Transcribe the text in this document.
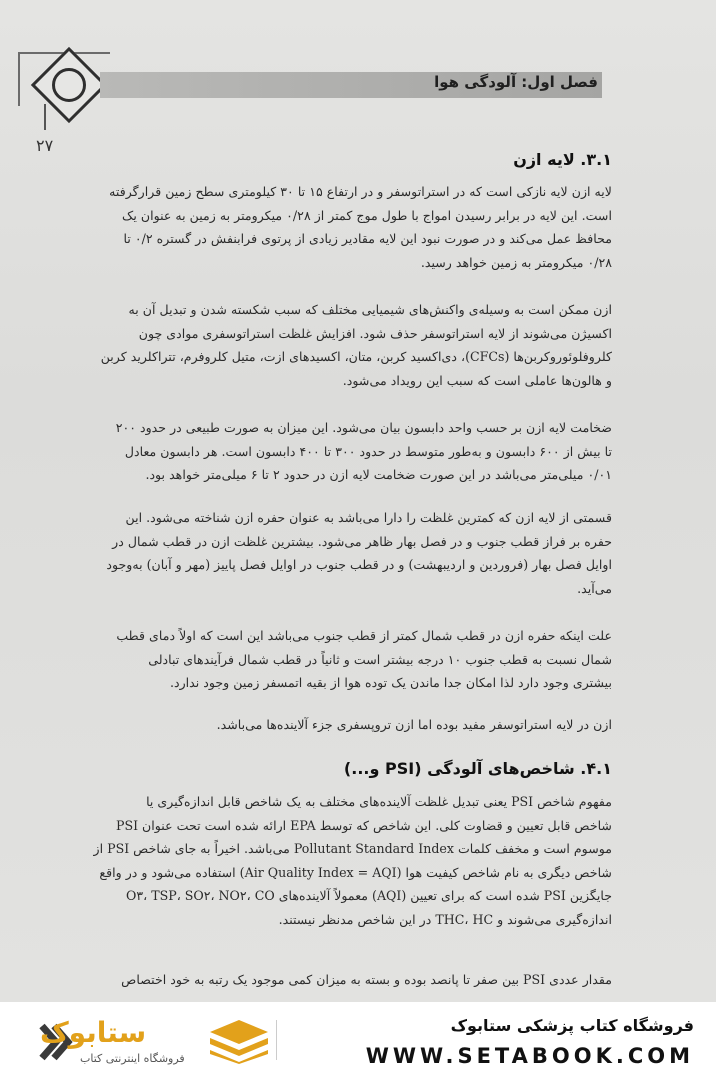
فصل اول: آلودگی هوا
۲۷
۳.۱. لایه ازن
لایه ازن لایه نازکی است که در استراتوسفر و در ارتفاع ۱۵ تا ۳۰ کیلومتری سطح زمین قرارگرفته
است. این لایه در برابر رسیدن امواج با طول موج کمتر از ۰/۲۸ میکرومتر به زمین به عنوان یک
محافظ عمل می‌کند و در صورت نبود این لایه مقادیر زیادی از پرتوی فرابنفش در گستره ۰/۲ تا
۰/۲۸ میکرومتر به زمین خواهد رسید.
ازن ممکن است به وسیله‌ی واکنش‌های شیمیایی مختلف که سبب شکسته شدن و تبدیل آن به
اکسیژن می‌شوند از لایه استراتوسفر حذف شود. افزایش غلظت استراتوسفری موادی چون
کلروفلوئوروکربن‌ها (CFCs)، دی‌اکسید کربن، متان، اکسیدهای ازت، متیل کلروفرم، تتراکلرید کربن
و هالون‌ها عاملی است که سبب این رویداد می‌شود.
ضخامت لایه ازن بر حسب واحد دابسون بیان می‌شود. این میزان به صورت طبیعی در حدود ۲۰۰
تا بیش از ۶۰۰ دابسون و به‌طور متوسط در حدود ۳۰۰ تا ۴۰۰ دابسون است. هر دابسون معادل
۰/۰۱ میلی‌متر می‌باشد در این صورت ضخامت لایه ازن در حدود ۲ تا ۶ میلی‌متر خواهد بود.
قسمتی از لایه ازن که کمترین غلظت را دارا می‌باشد به عنوان حفره ازن شناخته می‌شود. این
حفره بر فراز قطب جنوب و در فصل بهار ظاهر می‌شود. بیشترین غلظت ازن در قطب شمال در
اوایل فصل بهار (فروردین و اردیبهشت) و در قطب جنوب در اوایل فصل پاییز (مهر و آبان) به‌وجود
می‌آید.
علت اینکه حفره ازن در قطب شمال کمتر از قطب جنوب می‌باشد این است که اولاً دمای قطب
شمال نسبت به قطب جنوب ۱۰ درجه بیشتر است و ثانیاً در قطب شمال فرآیندهای تبادلی
بیشتری وجود دارد لذا امکان جدا ماندن یک توده هوا از بقیه اتمسفر زمین وجود ندارد.
ازن در لایه استراتوسفر مفید بوده اما ازن تروپسفری جزء آلاینده‌ها می‌باشد.
۴.۱. شاخص‌های آلودگی (PSI و...)
مفهوم شاخص PSI یعنی تبدیل غلظت آلاینده‌های مختلف به یک شاخص قابل اندازه‌گیری یا
شاخص قابل تعیین و قضاوت کلی. این شاخص که توسط EPA ارائه شده است تحت عنوان PSI
موسوم است و مخفف کلمات Pollutant Standard Index می‌باشد. اخیراً به جای شاخص PSI از
شاخص دیگری به نام شاخص کیفیت هوا (Air Quality Index = AQI) استفاده می‌شود و در واقع
جایگزین PSI شده است که برای تعیین (AQI) معمولاً آلاینده‌های O۳، TSP، SO۲، NO۲، CO
اندازه‌گیری می‌شوند و THC، HC در این شاخص مدنظر نیستند.
مقدار عددی PSI بین صفر تا پانصد بوده و بسته به میزان کمی موجود یک رتبه به خود اختصاص
ستابوک
فروشگاه اینترنتی کتاب
فروشگاه کتاب پزشکی ستابوک
WWW.SETABOOK.COM
